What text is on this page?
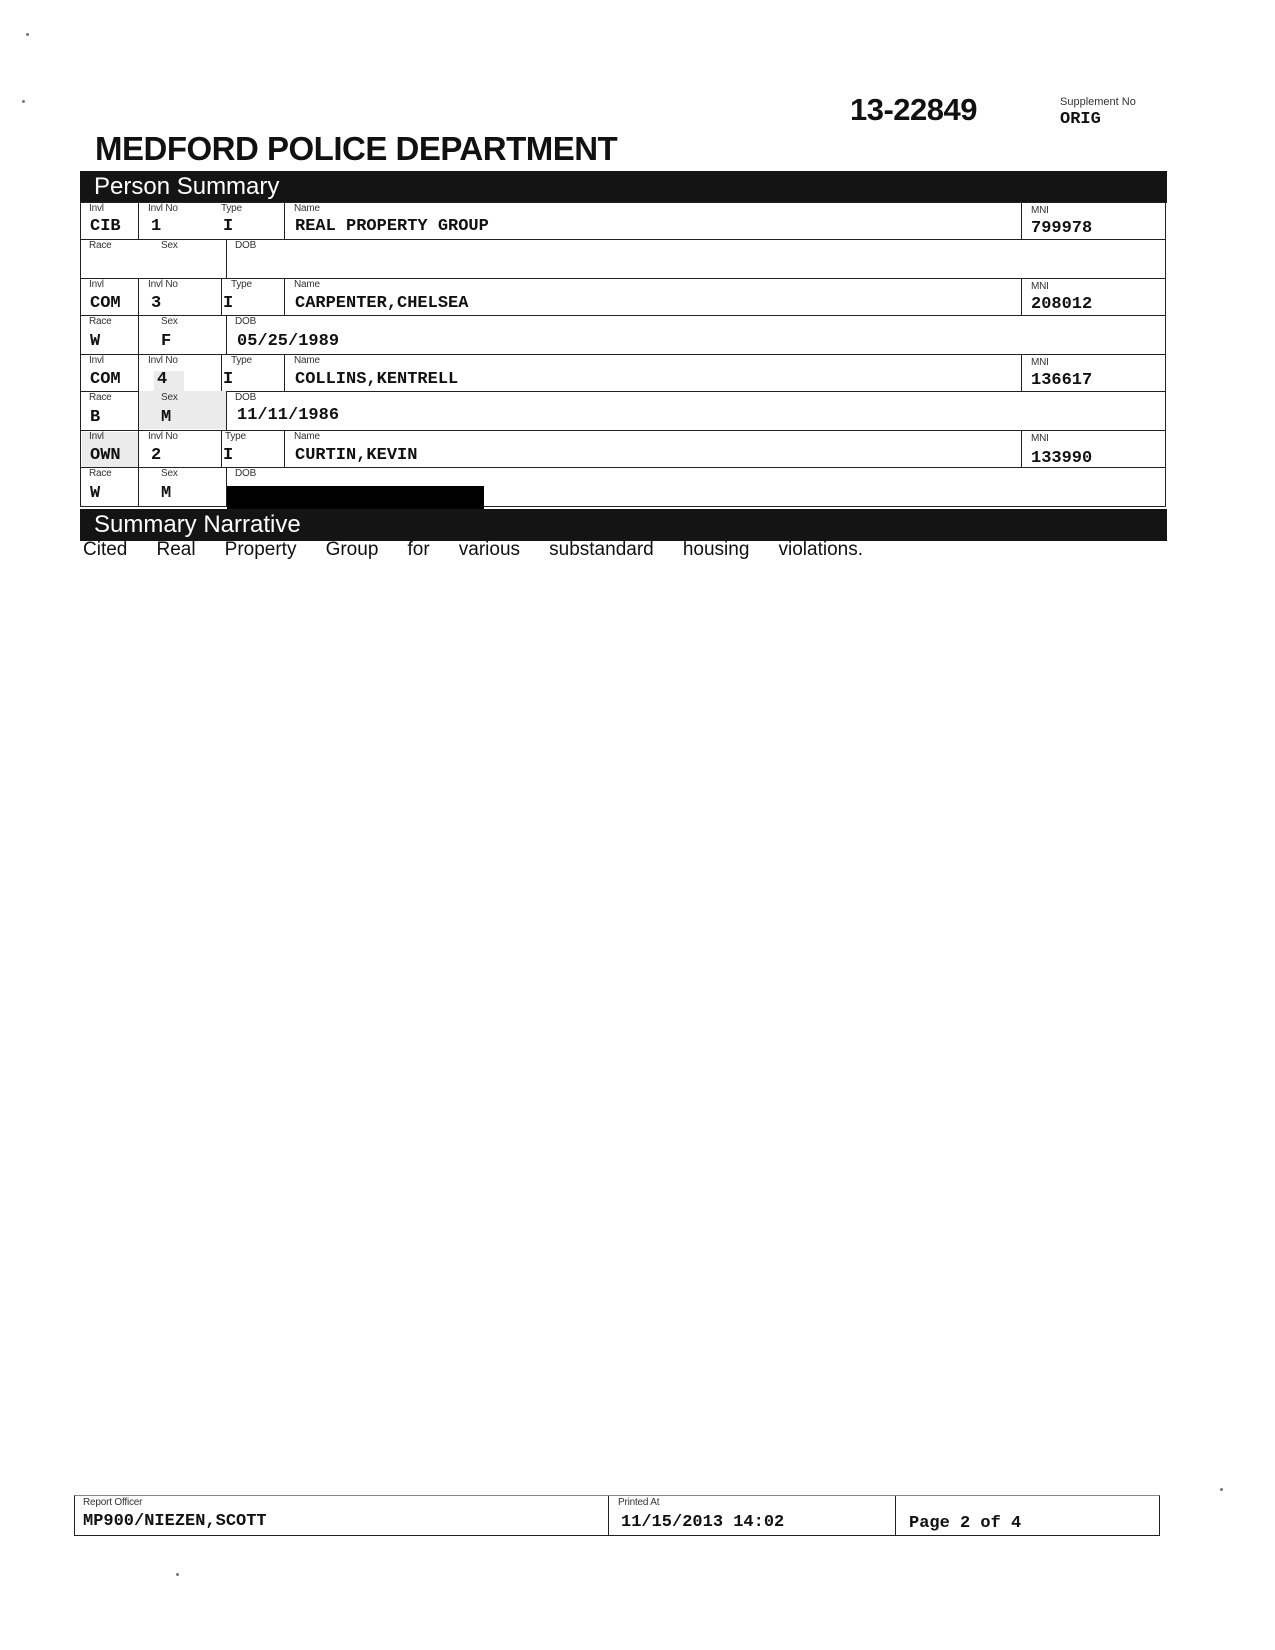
13-22849	Supplement No
ORIG
MEDFORD POLICE DEPARTMENT
Person Summary
Invl	Invl No	Type	Name	MNI
CIB 1	I	REAL PROPERTY GROUP	799978
Race	Sex	DOB
Invl	Invl No	Type	Name	MNI
COM 3	I	CARPENTER,CHELSEA	208012
Race	Sex	DOB
W	F	05/25/1989
Invl	Invl No	Type	Name	MNI
COM 4	I	COLLINS,KENTRELL	136617
Race	Sex	DOB
B	M	11/11/1986
Invl	Invl No	Type	Name	MNI
OWN 2	I	CURTIN,KEVIN	133990
Race	Sex	DOB
W	M
Summary Narrative
Cited Real Property Group for various substandard housing violations.
Report Officer
MP900/NIEZEN,SCOTT
Printed At
11/15/2013 14:02	Page 2 of 4
